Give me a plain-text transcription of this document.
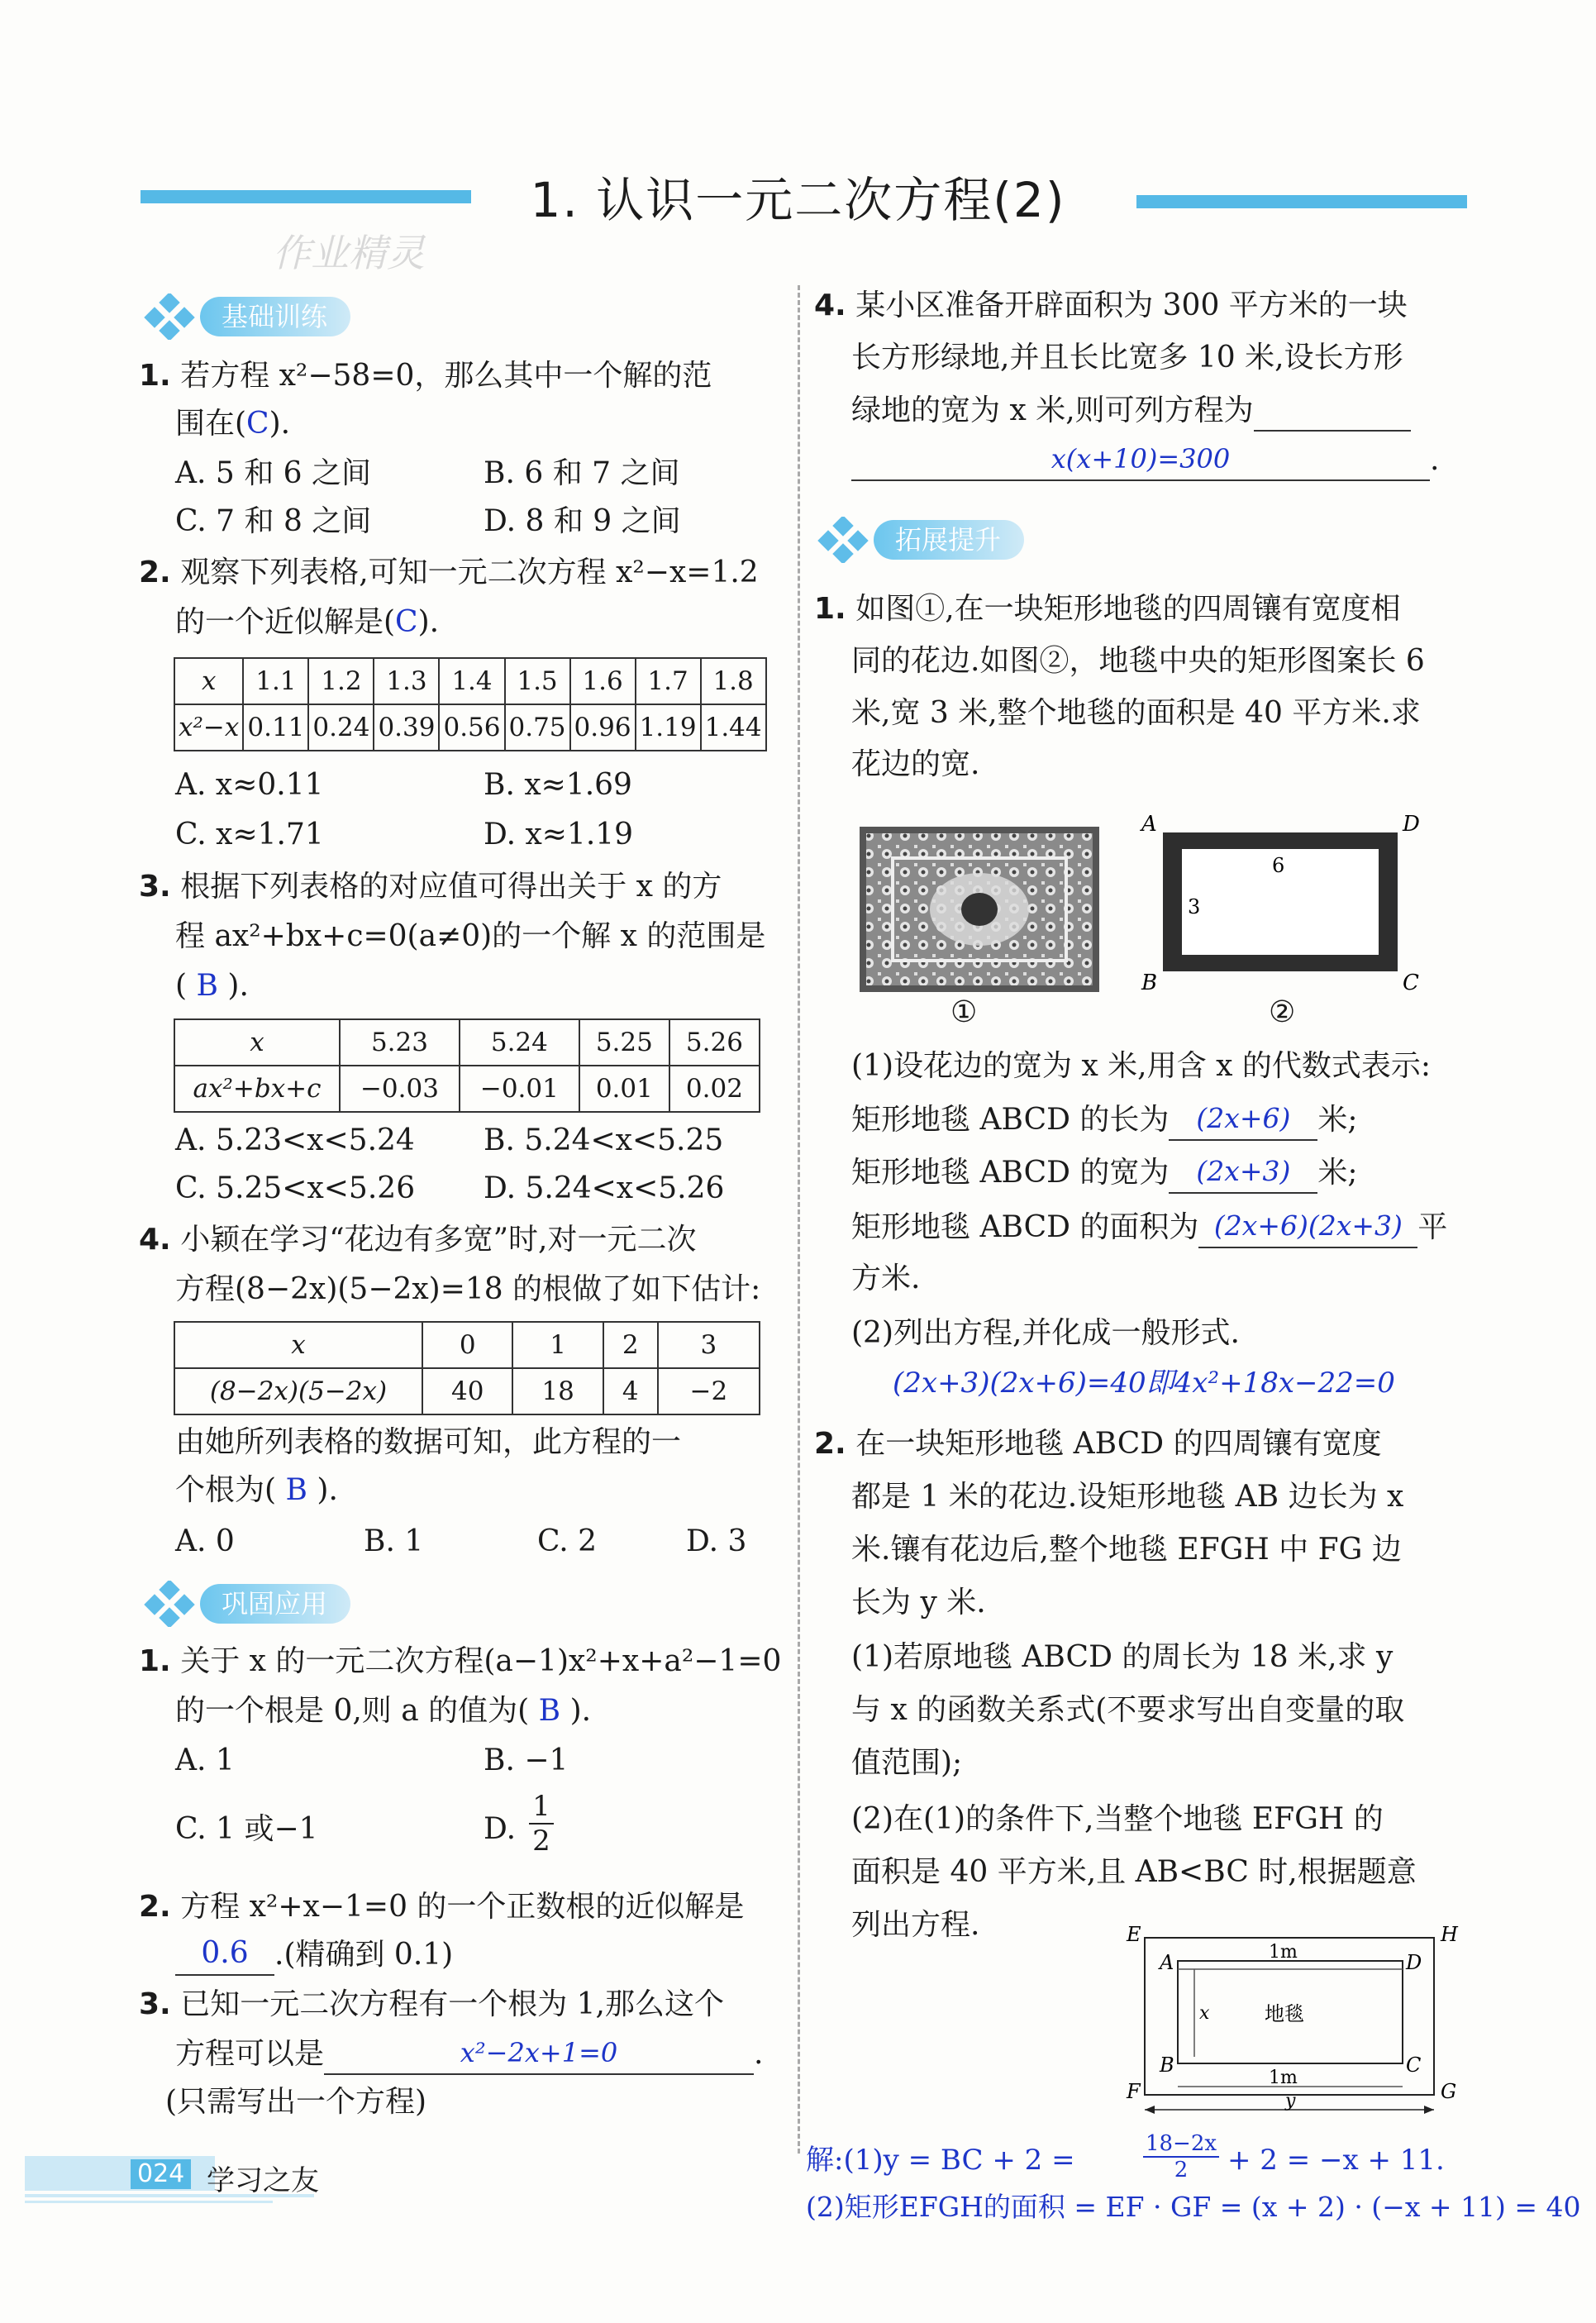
1. 认识一元二次方程(2)
作业精灵
基础训练
1. 若方程 x²−58=0，那么其中一个解的范
围在(C).
A. 5 和 6 之间	B. 6 和 7 之间
C. 7 和 8 之间	D. 8 和 9 之间
2. 观察下列表格,可知一元二次方程 x²−x=1.2
的一个近似解是(C).
x	1.1	1.2	1.3	1.4	1.5	1.6	1.7	1.8
x²−x	0.11	0.24	0.39	0.56	0.75	0.96	1.19	1.44
A. x≈0.11	B. x≈1.69
C. x≈1.71	D. x≈1.19
3. 根据下列表格的对应值可得出关于 x 的方
程 ax²+bx+c=0(a≠0)的一个解 x 的范围是
( B ).
x	5.23	5.24	5.25	5.26
ax²+bx+c	−0.03	−0.01	0.01	0.02
A. 5.23<x<5.24 B. 5.24<x<5.25
C. 5.25<x<5.26 D. 5.24<x<5.26
4. 小颖在学习“花边有多宽”时,对一元二次
方程(8−2x)(5−2x)=18 的根做了如下估计:
x	0	1	2	3
(8−2x)(5−2x)	40	18	4	−2
由她所列表格的数据可知，此方程的一
个根为( B ).
A. 0	B. 1	C. 2	D. 3
巩固应用
1. 关于 x 的一元二次方程(a−1)x²+x+a²−1=0
的一个根是 0,则 a 的值为( B ).
A. 1	B. −1
C. 1 或−1	D.
1
2
2. 方程 x²+x−1=0 的一个正数根的近似解是
0.6 .(精确到 0.1)
3. 已知一元二次方程有一个根为 1,那么这个
方程可以是	x²−2x+1=0	.
(只需写出一个方程)
024 学习之友
4. 某小区准备开辟面积为 300 平方米的一块
长方形绿地,并且长比宽多 10 米,设长方形
绿地的宽为 x 米,则可列方程为
x(x+10)=300	.
拓展提升
1. 如图①,在一块矩形地毯的四周镶有宽度相
同的花边.如图②，地毯中央的矩形图案长 6
米,宽 3 米,整个地毯的面积是 40 平方米.求
花边的宽.
①
A	D
B	C
6
3
②
(1)设花边的宽为 x 米,用含 x 的代数式表示:
矩形地毯 ABCD 的长为 (2x+6) 米;
矩形地毯 ABCD 的宽为 (2x+3) 米;
矩形地毯 ABCD 的面积为 (2x+6)(2x+3) 平
方米.
(2)列出方程,并化成一般形式.
(2x+3)(2x+6)=40即4x²+18x−22=0
2. 在一块矩形地毯 ABCD 的四周镶有宽度
都是 1 米的花边.设矩形地毯 AB 边长为 x
米.镶有花边后,整个地毯 EFGH 中 FG 边
长为 y 米.
(1)若原地毯 ABCD 的周长为 18 米,求 y
与 x 的函数关系式(不要求写出自变量的取
值范围);
(2)在(1)的条件下,当整个地毯 EFGH 的
面积是 40 平方米,且 AB<BC 时,根据题意
列出方程.	E	H
A	D
B	C
F	G
1m
1m
x
y
地毯
解:(1)y = BC + 2 =	18−2x
2	+ 2 = −x + 11.
(2)矩形EFGH的面积 = EF · GF = (x + 2) · (−x + 11) = 40
